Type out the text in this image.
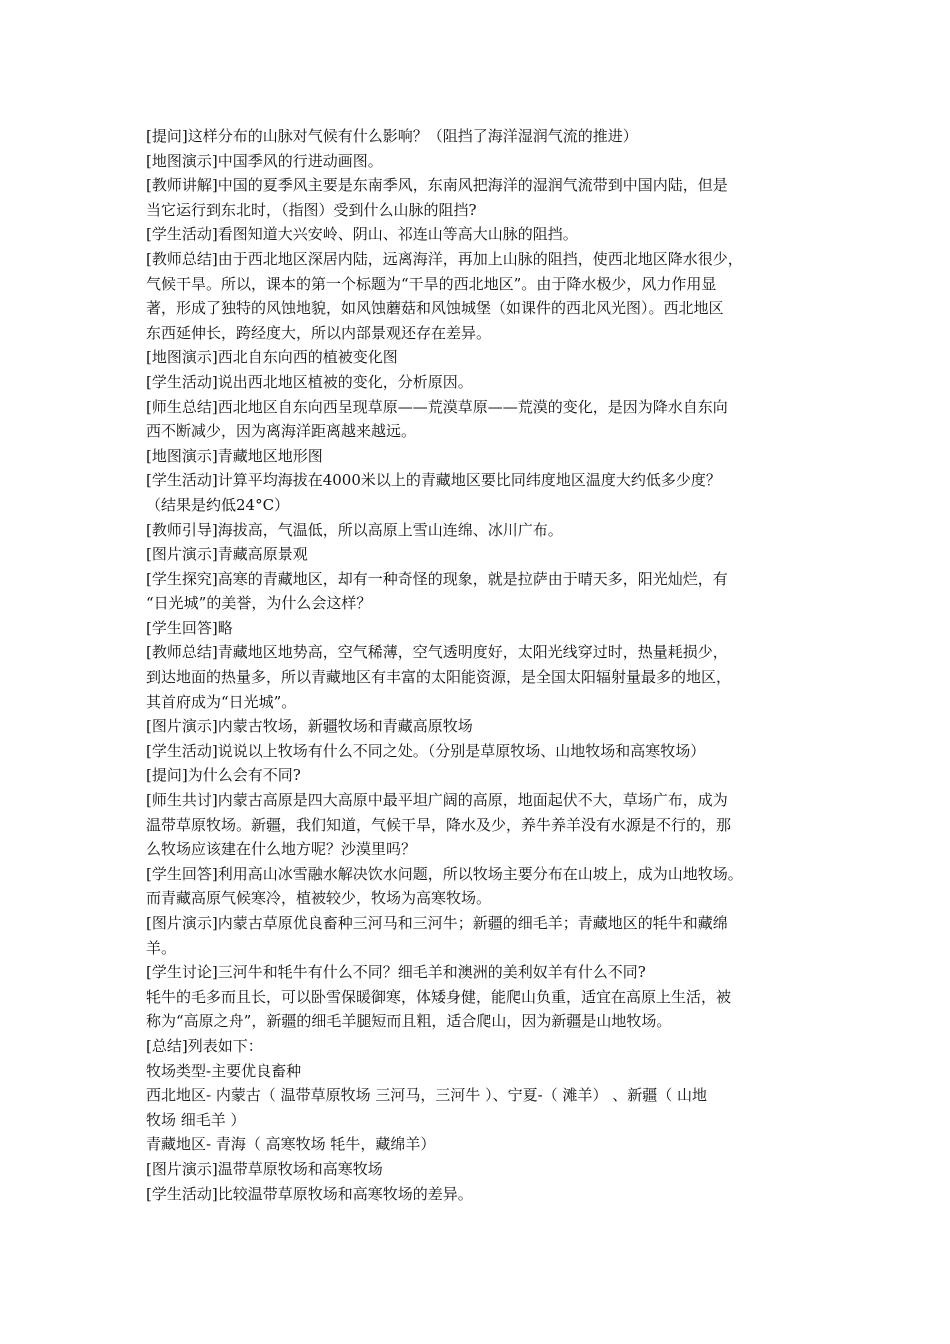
[提问]这样分布的山脉对气候有什么影响？（阻挡了海洋湿润气流的推进）
[地图演示]中国季风的行进动画图。
[教师讲解]中国的夏季风主要是东南季风，东南风把海洋的湿润气流带到中国内陆，但是
当它运行到东北时，（指图）受到什么山脉的阻挡?
[学生活动]看图知道大兴安岭、阴山、祁连山等高大山脉的阻挡。
[教师总结]由于西北地区深居内陆，远离海洋，再加上山脉的阻挡，使西北地区降水很少，
气候干旱。所以，课本的第一个标题为“干旱的西北地区”。由于降水极少，风力作用显
著，形成了独特的风蚀地貌，如风蚀蘑菇和风蚀城堡（如课件的西北风光图）。西北地区
东西延伸长，跨经度大，所以内部景观还存在差异。
[地图演示]西北自东向西的植被变化图
[学生活动]说出西北地区植被的变化，分析原因。
[师生总结]西北地区自东向西呈现草原——荒漠草原——荒漠的变化，是因为降水自东向
西不断减少，因为离海洋距离越来越远。
[地图演示]青藏地区地形图
[学生活动]计算平均海拔在4000米以上的青藏地区要比同纬度地区温度大约低多少度？
（结果是约低24°C）
[教师引导]海拔高，气温低，所以高原上雪山连绵、冰川广布。
[图片演示]青藏高原景观
[学生探究]高寒的青藏地区，却有一种奇怪的现象，就是拉萨由于晴天多，阳光灿烂，有
“日光城”的美誉，为什么会这样？
[学生回答]略
[教师总结]青藏地区地势高，空气稀薄，空气透明度好，太阳光线穿过时，热量耗损少，
到达地面的热量多，所以青藏地区有丰富的太阳能资源，是全国太阳辐射量最多的地区，
其首府成为“日光城”。
[图片演示]内蒙古牧场，新疆牧场和青藏高原牧场
[学生活动]说说以上牧场有什么不同之处。（分别是草原牧场、山地牧场和高寒牧场）
[提问]为什么会有不同?
[师生共讨]内蒙古高原是四大高原中最平坦广阔的高原，地面起伏不大，草场广布，成为
温带草原牧场。新疆，我们知道，气候干旱，降水及少，养牛养羊没有水源是不行的，那
么牧场应该建在什么地方呢？沙漠里吗？
[学生回答]利用高山冰雪融水解决饮水问题，所以牧场主要分布在山坡上，成为山地牧场。
而青藏高原气候寒冷，植被较少，牧场为高寒牧场。
[图片演示]内蒙古草原优良畜种三河马和三河牛；新疆的细毛羊；青藏地区的牦牛和藏绵
羊。
[学生讨论]三河牛和牦牛有什么不同？细毛羊和澳洲的美利奴羊有什么不同?
牦牛的毛多而且长，可以卧雪保暖御寒，体矮身健，能爬山负重，适宜在高原上生活，被
称为“高原之舟”，新疆的细毛羊腿短而且粗，适合爬山，因为新疆是山地牧场。
[总结]列表如下：
牧场类型-主要优良畜种
西北地区- 内蒙古（ 温带草原牧场 三河马，三河牛 ）、宁夏-（ 滩羊） 、新疆（ 山地
牧场 细毛羊 ）
青藏地区- 青海（ 高寒牧场 牦牛，藏绵羊）
[图片演示]温带草原牧场和高寒牧场
[学生活动]比较温带草原牧场和高寒牧场的差异。
